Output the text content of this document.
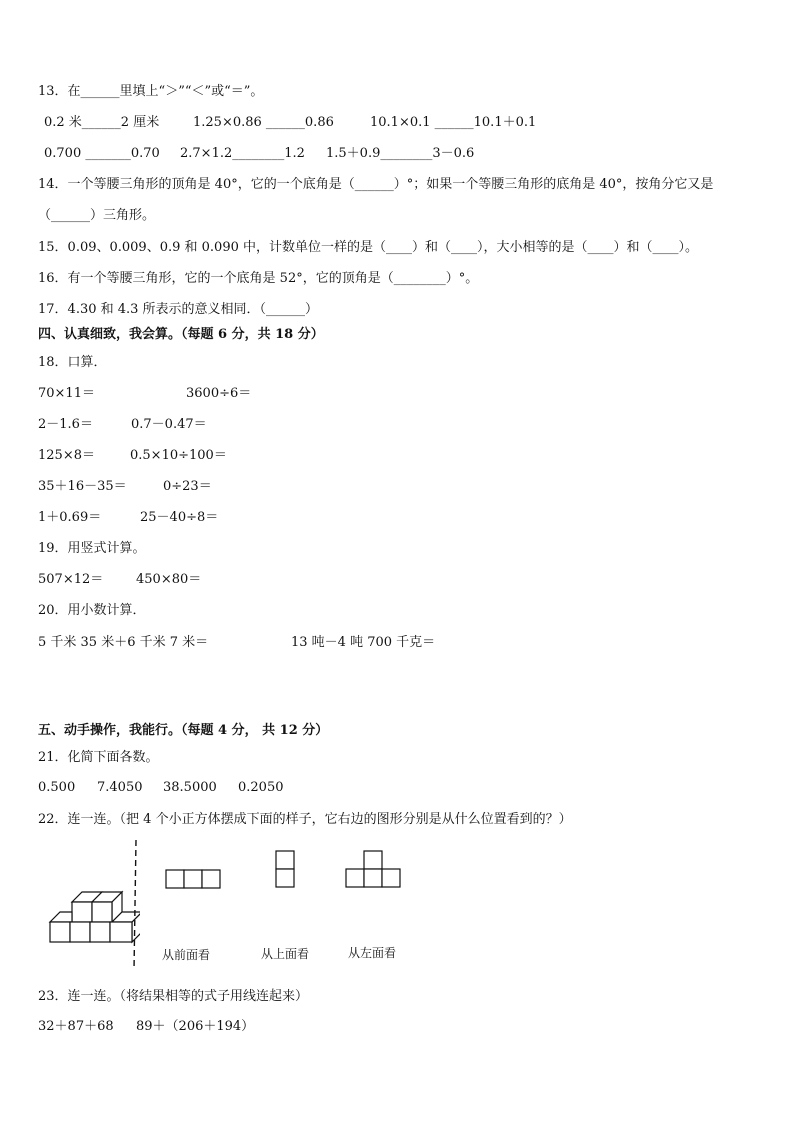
13．在______里填上“＞”“＜”或“＝”。
0.2 米______2 厘米	1.25×0.86 ______0.86	10.1×0.1 ______10.1＋0.1
0.700 _______0.70 2.7×1.2________1.2 1.5＋0.9________3－0.6
14．一个等腰三角形的顶角是 40°，它的一个底角是（______）°；如果一个等腰三角形的底角是 40°，按角分它又是
（______）三角形。
15．0.09、0.009、0.9 和 0.090 中，计数单位一样的是（____）和（____），大小相等的是（____）和（____）。
16．有一个等腰三角形，它的一个底角是 52°，它的顶角是（________）°。
17．4.30 和 4.3 所表示的意义相同．（______）
四、认真细致，我会算。（每题 6 分，共 18 分）
18．口算．
70×11＝	3600÷6＝
2－1.6＝	0.7－0.47＝
125×8＝	0.5×10÷100＝
35＋16－35＝	0÷23＝
1＋0.69＝	25－40÷8＝
19．用竖式计算。
507×12＝	450×80＝
20．用小数计算．
5 千米 35 米＋6 千米 7 米＝	13 吨－4 吨 700 千克＝
五、动手操作，我能行。（每题 4 分， 共 12 分）
21．化简下面各数。
0.500 7.4050 38.5000 0.2050
22．连一连。（把 4 个小正方体摆成下面的样子，它右边的图形分别是从什么位置看到的？）
从前面看	从上面看	从左面看
23．连一连。（将结果相等的式子用线连起来）
32＋87＋68 89＋（206＋194）
